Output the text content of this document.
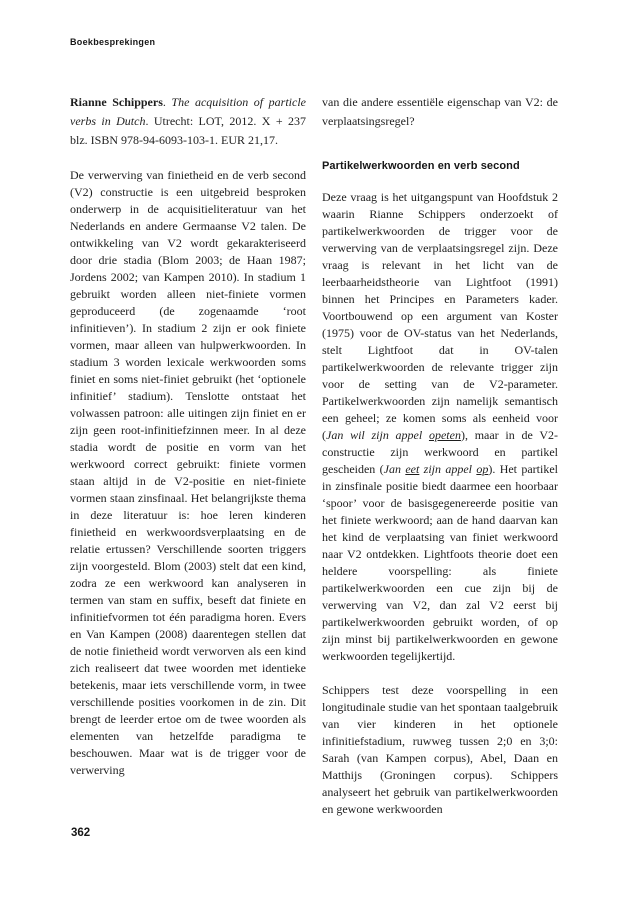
Boekbesprekingen

Rianne Schippers. The acquisition of particle verbs in Dutch. Utrecht: LOT, 2012. X + 237 blz. ISBN 978-94-6093-103-1. EUR 21,17.

De verwerving van finietheid en de verb second (V2) constructie is een uitgebreid besproken onderwerp in de acquisitieliteratuur van het Nederlands en andere Germaanse V2 talen. De ontwikkeling van V2 wordt gekarakteriseerd door drie stadia (Blom 2003; de Haan 1987; Jordens 2002; van Kampen 2010). In stadium 1 gebruikt worden alleen niet-finiete vormen geproduceerd (de zogenaamde ‘root infinitieven’). In stadium 2 zijn er ook finiete vormen, maar alleen van hulpwerkwoorden. In stadium 3 worden lexicale werkwoorden soms finiet en soms niet-finiet gebruikt (het ‘optionele infinitief’ stadium). Tenslotte ontstaat het volwassen patroon: alle uitingen zijn finiet en er zijn geen root-infinitiefzinnen meer. In al deze stadia wordt de positie en vorm van het werkwoord correct gebruikt: finiete vormen staan altijd in de V2-positie en niet-finiete vormen staan zinsfinaal. Het belangrijkste thema in deze literatuur is: hoe leren kinderen finietheid en werkwoordsverplaatsing en de relatie ertussen? Verschillende soorten triggers zijn voorgesteld. Blom (2003) stelt dat een kind, zodra ze een werkwoord kan analyseren in termen van stam en suffix, beseft dat finiete en infinitiefvormen tot één paradigma horen. Evers en Van Kampen (2008) daarentegen stellen dat de notie finietheid wordt verworven als een kind zich realiseert dat twee woorden met identieke betekenis, maar iets verschillende vorm, in twee verschillende posities voorkomen in de zin. Dit brengt de leerder ertoe om de twee woorden als elementen van hetzelfde paradigma te beschouwen. Maar wat is de trigger voor de verwerving

van die andere essentiële eigenschap van V2: de verplaatsingsregel?

Partikelwerkwoorden en verb second

Deze vraag is het uitgangspunt van Hoofdstuk 2 waarin Rianne Schippers onderzoekt of partikelwerkwoorden de trigger voor de verwerving van de verplaatsingsregel zijn. Deze vraag is relevant in het licht van de leerbaarheidstheorie van Lightfoot (1991) binnen het Principes en Parameters kader. Voortbouwend op een argument van Koster (1975) voor de OV-status van het Nederlands, stelt Lightfoot dat in OV-talen partikelwerkwoorden de relevante trigger zijn voor de setting van de V2-parameter. Partikelwerkwoorden zijn namelijk semantisch een geheel; ze komen soms als eenheid voor (Jan wil zijn appel opeten), maar in de V2-constructie zijn werkwoord en partikel gescheiden (Jan eet zijn appel op). Het partikel in zinsfinale positie biedt daarmee een hoorbaar ‘spoor’ voor de basisgegenereerde positie van het finiete werkwoord; aan de hand daarvan kan het kind de verplaatsing van finiet werkwoord naar V2 ontdekken. Lightfoots theorie doet een heldere voorspelling: als finiete partikelwerkwoorden een cue zijn bij de verwerving van V2, dan zal V2 eerst bij partikelwerkwoorden gebruikt worden, of op zijn minst bij partikelwerkwoorden en gewone werkwoorden tegelijkertijd.

Schippers test deze voorspelling in een longitudinale studie van het spontaan taalgebruik van vier kinderen in het optionele infinitiefstadium, ruwweg tussen 2;0 en 3;0: Sarah (van Kampen corpus), Abel, Daan en Matthijs (Groningen corpus). Schippers analyseert het gebruik van partikelwerkwoorden en gewone werkwoorden

362
